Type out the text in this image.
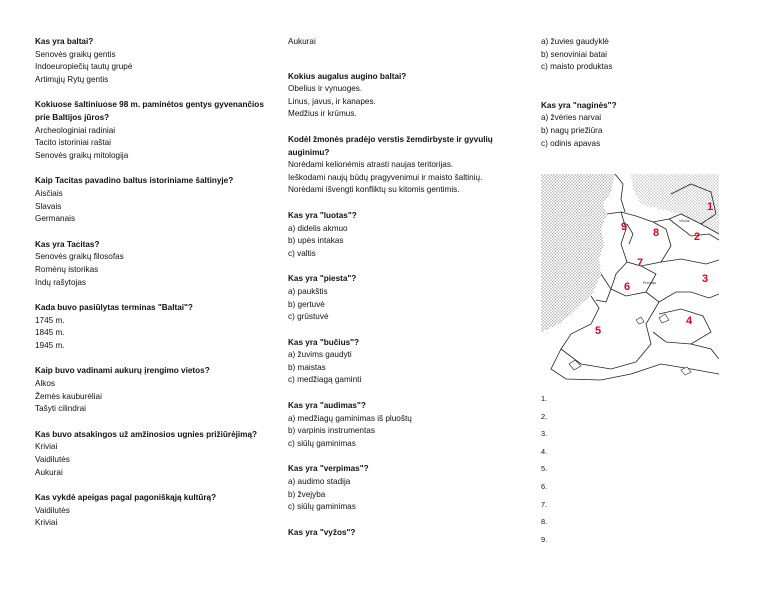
Kas yra baltai?
Senovės graikų gentis
Indoeuropiečių tautų grupė
Artimųjų Rytų gentis
Kokiuose šaltiniuose 98 m. paminėtos gentys gyvenančios prie Baltijos jūros?
Archeologiniai radiniai
Tacito istoriniai raštai
Senovės graikų mitologija
Kaip Tacitas pavadino baltus istoriniame šaltinyje?
Aisčiais
Slavais
Germanais
Kas yra Tacitas?
Senovės graikų filosofas
Romėnų istorikas
Indų rašytojas
Kada buvo pasiūlytas terminas "Baltai"?
1745 m.
1845 m.
1945 m.
Kaip buvo vadinami aukurų įrengimo vietos?
Alkos
Žemės kauburėliai
Tašyti cilindrai
Kas buvo atsakingos už amžinosios ugnies prižiūrėjimą?
Kriviai
Vaidilutės
Aukurai
Kas vykdė apeigas pagal pagoniškąją kultūrą?
Vaidilutės
Kriviai
Aukurai
Kokius augalus augino baltai?
Obelius ir vynuoges.
Linus, javus, ir kanapes.
Medžius ir krūmus.
Kodėl žmonės pradėjo verstis žemdirbyste ir gyvulių auginimu?
Norėdami kelionėmis atrasti naujas teritorijas.
Ieškodami naujų būdų pragyvenimui ir maisto šaltinių.
Norėdami išvengti konfliktų su kitomis gentimis.
Kas yra "luotas"?
a) didelis akmuo
b) upės intakas
c) valtis
Kas yra "piesta"?
a) paukštis
b) gertuvė
c) grūstuvė
Kas yra "bučius"?
a) žuvims gaudyti
b) maistas
c) medžiagą gaminti
Kas yra "audimas"?
a) medžiagų gaminimas iš pluoštų
b) varpinis instrumentas
c) siūlų gaminimas
Kas yra "verpimas"?
a) audimo stadija
b) žvejyba
c) siūlų gaminimas
Kas yra "vyžos"?
a) žuvies gaudyklė
b) senoviniai batai
c) maisto produktas
Kas yra "naginės"?
a) žvėries narvai
b) nagų priežiūra
c) odinis apavas
Vilnius
Pregolja
1
2
3
4
5
6
7
8
9
1.
2.
3.
4.
5.
6.
7.
8.
9.
